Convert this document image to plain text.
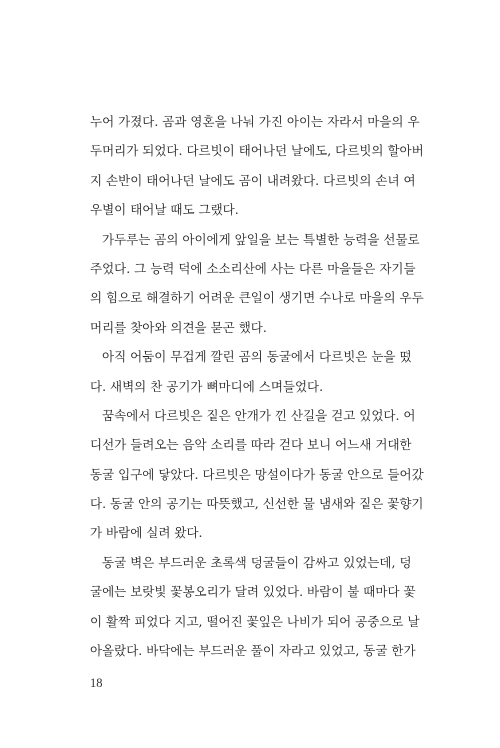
누어 가졌다. 곰과 영혼을 나눠 가진 아이는 자라서 마을의 우
두머리가 되었다. 다르빗이 태어나던 날에도, 다르빗의 할아버
지 손반이 태어나던 날에도 곰이 내려왔다. 다르빗의 손녀 여
우별이 태어날 때도 그랬다.

가두루는 곰의 아이에게 앞일을 보는 특별한 능력을 선물로
주었다. 그 능력 덕에 소소리산에 사는 다른 마을들은 자기들
의 힘으로 해결하기 어려운 큰일이 생기면 수나로 마을의 우두
머리를 찾아와 의견을 묻곤 했다.

아직 어둠이 무겁게 깔린 곰의 동굴에서 다르빗은 눈을 떴
다. 새벽의 찬 공기가 뼈마디에 스며들었다.

꿈속에서 다르빗은 짙은 안개가 낀 산길을 걷고 있었다. 어
디선가 들려오는 음악 소리를 따라 걷다 보니 어느새 거대한
동굴 입구에 닿았다. 다르빗은 망설이다가 동굴 안으로 들어갔
다. 동굴 안의 공기는 따뜻했고, 신선한 물 냄새와 짙은 꽃향기
가 바람에 실려 왔다.

동굴 벽은 부드러운 초록색 덩굴들이 감싸고 있었는데, 덩
굴에는 보랏빛 꽃봉오리가 달려 있었다. 바람이 불 때마다 꽃
이 활짝 피었다 지고, 떨어진 꽃잎은 나비가 되어 공중으로 날
아올랐다. 바닥에는 부드러운 풀이 자라고 있었고, 동굴 한가

18
